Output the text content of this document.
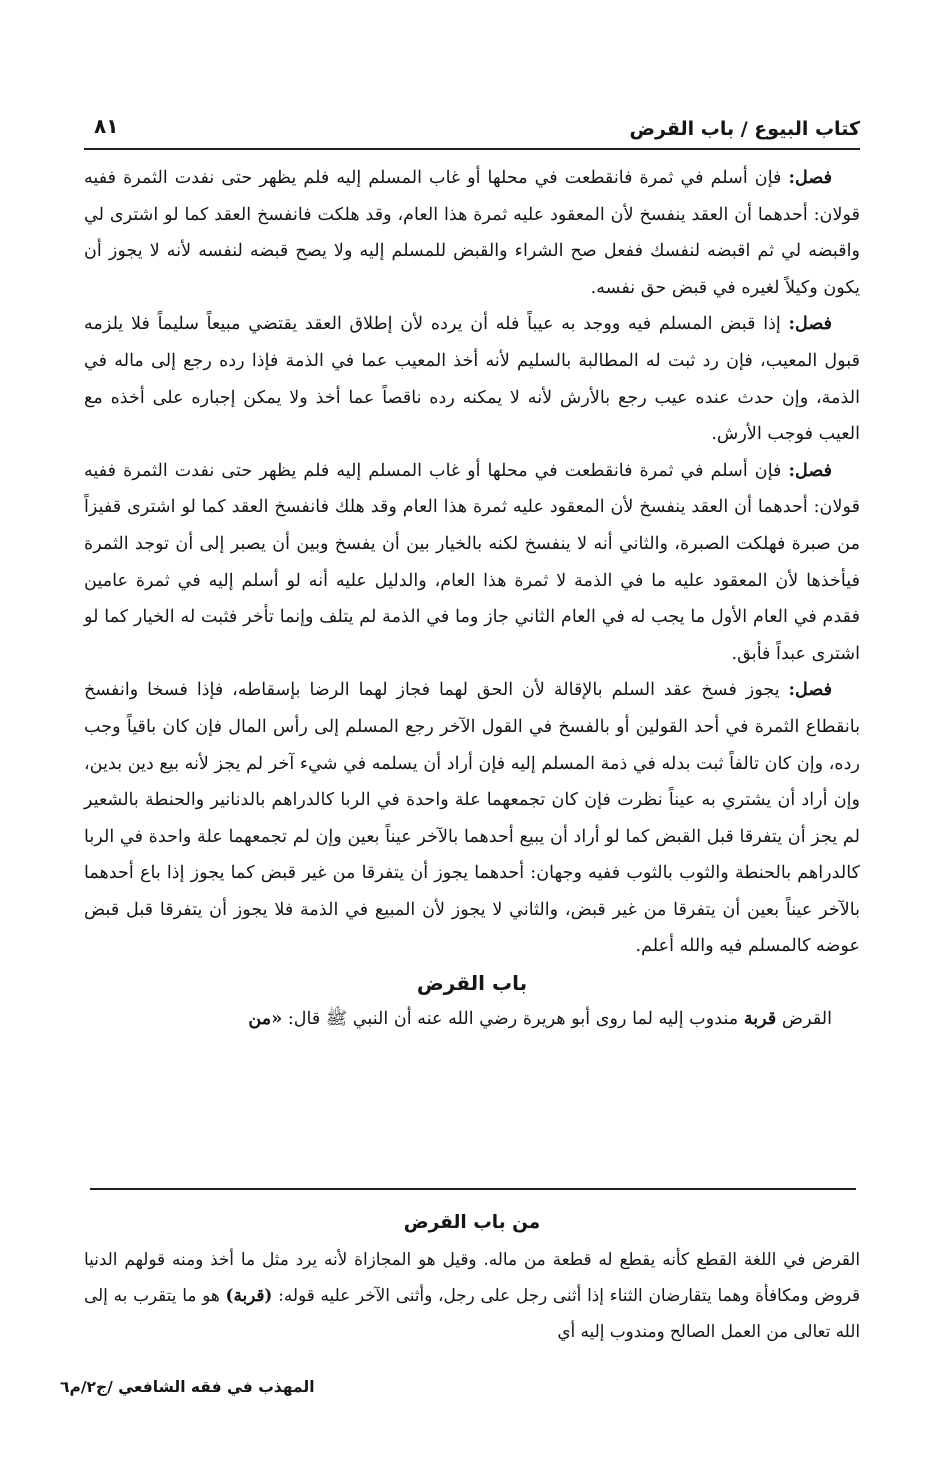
كتاب البيوع / باب القرض
٨١

فصل: فإن أسلم في ثمرة فانقطعت في محلها أو غاب المسلم إليه فلم يظهر حتى نفدت الثمرة ففيه قولان: أحدهما أن العقد ينفسخ لأن المعقود عليه ثمرة هذا العام، وقد هلكت فانفسخ العقد كما لو اشترى لي واقبضه لي ثم اقبضه لنفسك ففعل صح الشراء والقبض للمسلم إليه ولا يصح قبضه لنفسه لأنه لا يجوز أن يكون وكيلاً لغيره في قبض حق نفسه.

فصل: إذا قبض المسلم فيه ووجد به عيباً فله أن يرده لأن إطلاق العقد يقتضي مبيعاً سليماً فلا يلزمه قبول المعيب، فإن رد ثبت له المطالبة بالسليم لأنه أخذ المعيب عما في الذمة فإذا رده رجع إلى ماله في الذمة، وإن حدث عنده عيب رجع بالأرش لأنه لا يمكنه رده ناقصاً عما أخذ ولا يمكن إجباره على أخذه مع العيب فوجب الأرش.

فصل: فإن أسلم في ثمرة فانقطعت في محلها أو غاب المسلم إليه فلم يظهر حتى نفدت الثمرة ففيه قولان: أحدهما أن العقد ينفسخ لأن المعقود عليه ثمرة هذا العام وقد هلك فانفسخ العقد كما لو اشترى قفيزاً من صبرة فهلكت الصبرة، والثاني أنه لا ينفسخ لكنه بالخيار بين أن يفسخ وبين أن يصبر إلى أن توجد الثمرة فيأخذها لأن المعقود عليه ما في الذمة لا ثمرة هذا العام، والدليل عليه أنه لو أسلم إليه في ثمرة عامين فقدم في العام الأول ما يجب له في العام الثاني جاز وما في الذمة لم يتلف وإنما تأخر فثبت له الخيار كما لو اشترى عبداً فأبق.

فصل: يجوز فسخ عقد السلم بالإقالة لأن الحق لهما فجاز لهما الرضا بإسقاطه، فإذا فسخا وانفسخ بانقطاع الثمرة في أحد القولين أو بالفسخ في القول الآخر رجع المسلم إلى رأس المال فإن كان باقياً وجب رده، وإن كان تالفاً ثبت بدله في ذمة المسلم إليه فإن أراد أن يسلمه في شيء آخر لم يجز لأنه بيع دين بدين، وإن أراد أن يشتري به عيناً نظرت فإن كان تجمعهما علة واحدة في الربا كالدراهم بالدنانير والحنطة بالشعير لم يجز أن يتفرقا قبل القبض كما لو أراد أن يبيع أحدهما بالآخر عيناً بعين وإن لم تجمعهما علة واحدة في الربا كالدراهم بالحنطة والثوب بالثوب ففيه وجهان: أحدهما يجوز أن يتفرقا من غير قبض كما يجوز إذا باع أحدهما بالآخر عيناً بعين أن يتفرقا من غير قبض، والثاني لا يجوز لأن المبيع في الذمة فلا يجوز أن يتفرقا قبل قبض عوضه كالمسلم فيه والله أعلم.

باب القرض

القرض قربة مندوب إليه لما روى أبو هريرة رضي الله عنه أن النبي ﷺ قال: «من

من باب القرض

القرض في اللغة القطع كأنه يقطع له قطعة من ماله. وقيل هو المجازاة لأنه يرد مثل ما أخذ ومنه قولهم الدنيا قروض ومكافأة وهما يتقارضان الثناء إذا أثنى رجل على رجل، وأثنى الآخر عليه قوله: (قربة) هو ما يتقرب به إلى الله تعالى من العمل الصالح ومندوب إليه أي

المهذب في فقه الشافعي /ج٢/م٦
